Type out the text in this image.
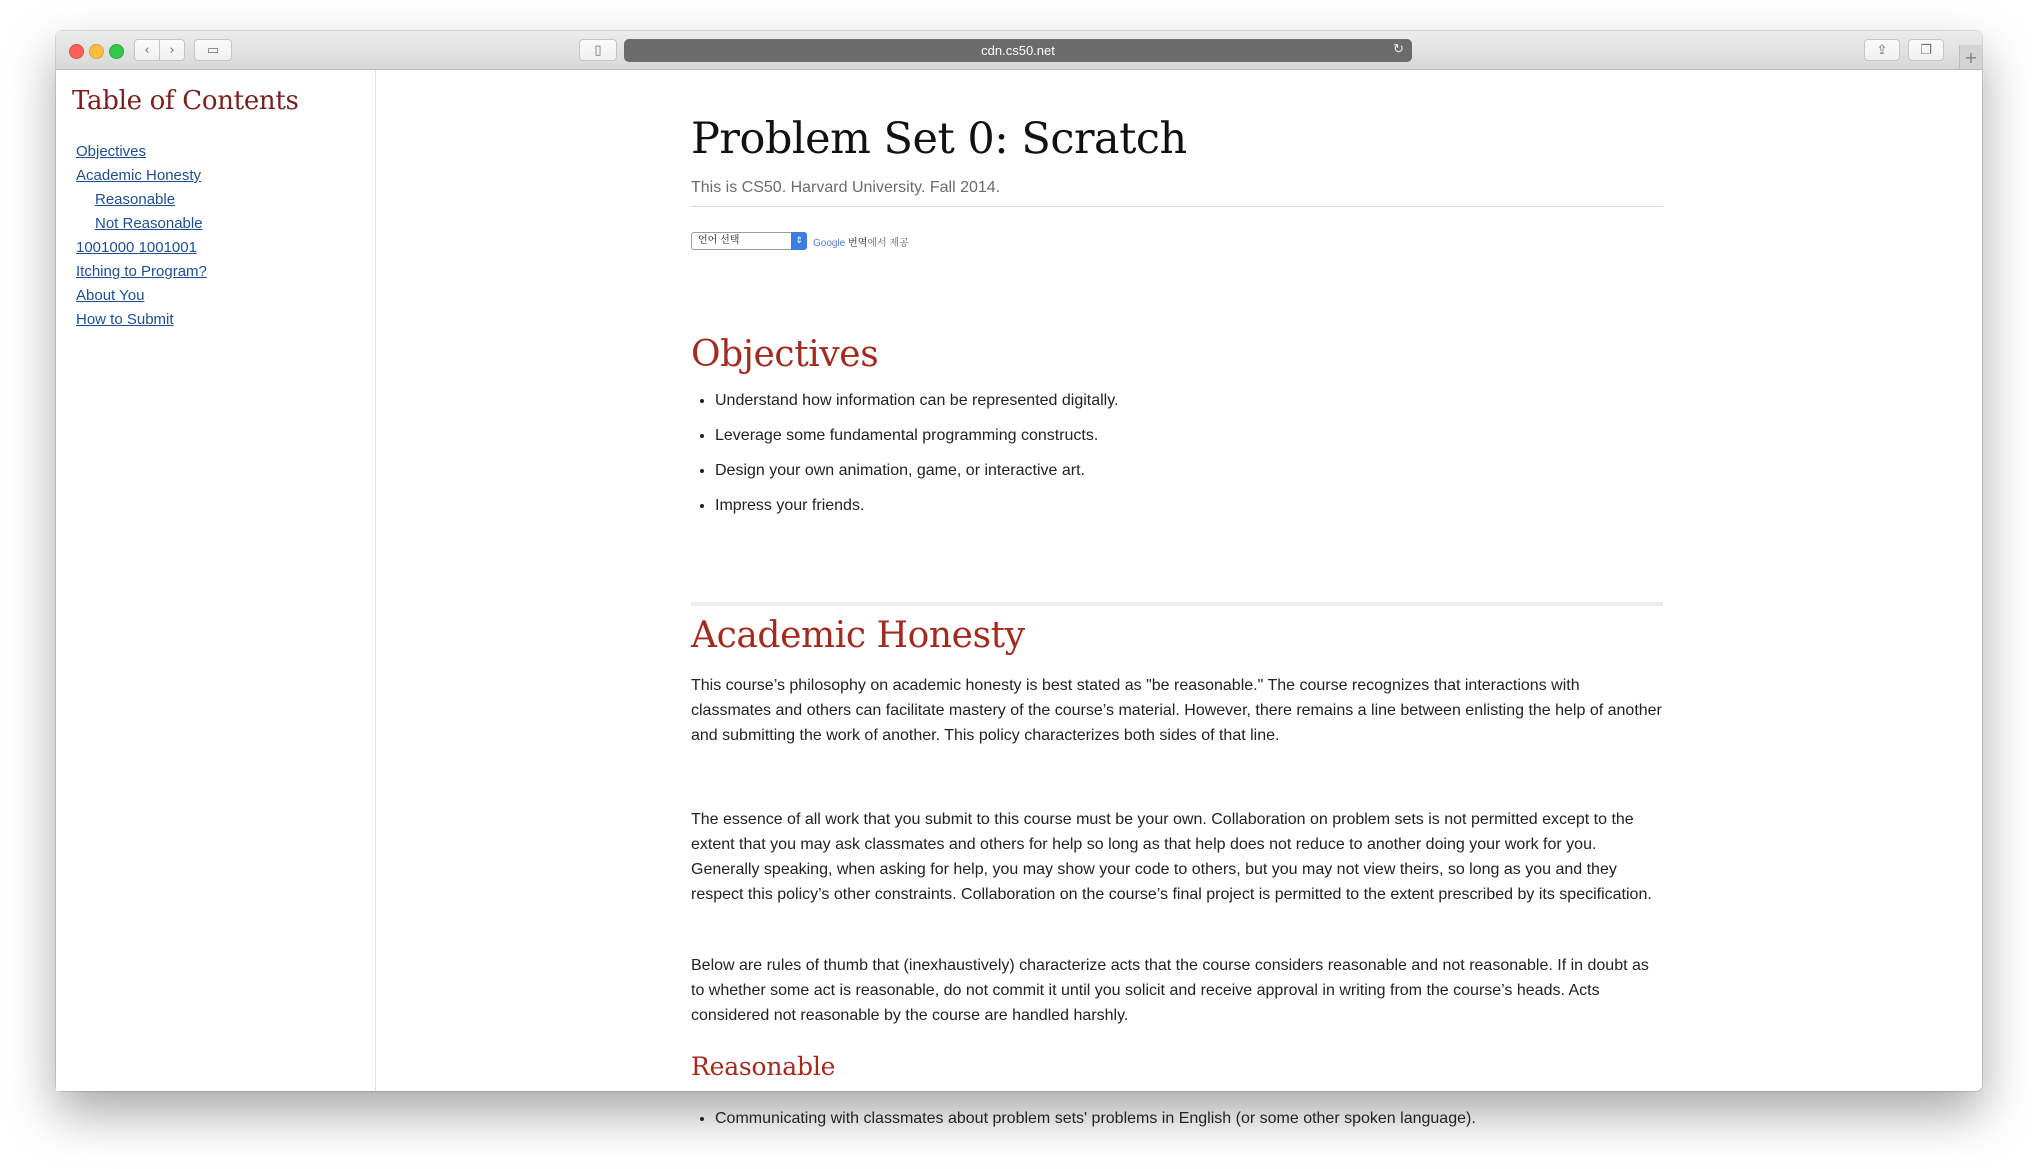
‹ › ▭	▯	cdn.cs50.net	↻	⇪	❐ +
Table of Contents
Objectives
Academic Honesty
Reasonable
Not Reasonable
1001000 1001001
Itching to Program?
About You
How to Submit
Problem Set 0: Scratch
This is CS50. Harvard University. Fall 2014.
언어 선택	⇕	Google 번역에서 제공
Objectives
• Understand how information can be represented digitally.
• Leverage some fundamental programming constructs.
• Design your own animation, game, or interactive art.
• Impress your friends.
Academic Honesty

This course’s philosophy on academic honesty is best stated as "be reasonable." The course recognizes that interactions with classmates and others can facilitate mastery of the course’s material. However, there remains a line between enlisting the help of another and submitting the work of another. This policy characterizes both sides of that line.

The essence of all work that you submit to this course must be your own. Collaboration on problem sets is not permitted except to the extent that you may ask classmates and others for help so long as that help does not reduce to another doing your work for you. Generally speaking, when asking for help, you may show your code to others, but you may not view theirs, so long as you and they respect this policy’s other constraints. Collaboration on the course’s final project is permitted to the extent prescribed by its specification.

Below are rules of thumb that (inexhaustively) characterize acts that the course considers reasonable and not reasonable. If in doubt as to whether some act is reasonable, do not commit it until you solicit and receive approval in writing from the course’s heads. Acts considered not reasonable by the course are handled harshly.

Reasonable
• Communicating with classmates about problem sets' problems in English (or some other spoken language).
